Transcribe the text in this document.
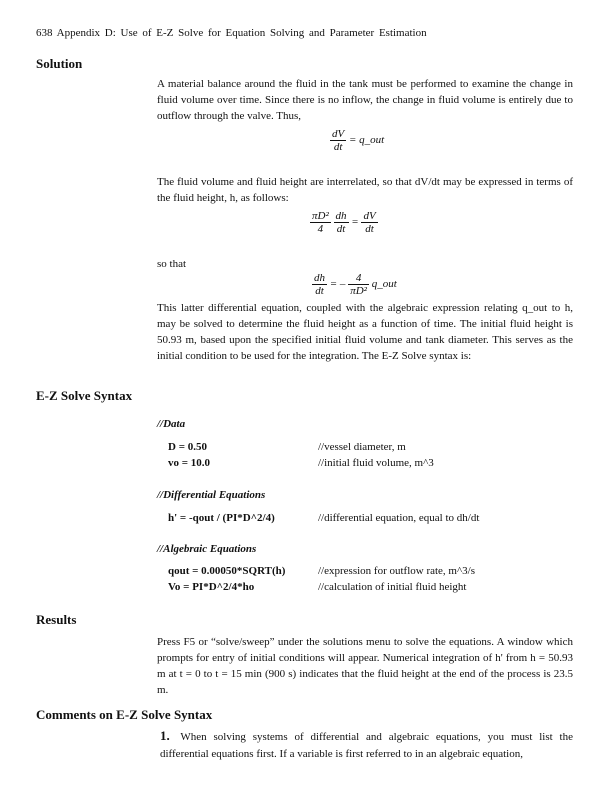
638 Appendix D: Use of E-Z Solve for Equation Solving and Parameter Estimation
Solution
A material balance around the fluid in the tank must be performed to examine the change in fluid volume over time. Since there is no inflow, the change in fluid volume is entirely due to outflow through the valve. Thus,
$\frac{dV}{dt}$ = q_out
The fluid volume and fluid height are interrelated, so that dV/dt may be expressed in terms of the fluid height, h, as follows:
$\frac{\text{πD²}}{4}$
$\frac{dh}{dt} = \frac{dV}{dt}$
so that
$\frac{dh}{dt}$ = – $\frac{4}{\text{πD²}}$ q_out
This latter differential equation, coupled with the algebraic expression relating q_out to h, may be solved to determine the fluid height as a function of time. The initial fluid height is 50.93 m, based upon the specified initial fluid volume and tank diameter. This serves as the initial condition to be used for the integration. The E-Z Solve syntax is:
E-Z Solve Syntax
//Data
D = 0.50	//vessel diameter, m
vo = 10.0	//initial fluid volume, m^3
//Differential Equations
h' = -qout / (PI*D^2/4)	//differential equation, equal to dh/dt
//Algebraic Equations
qout = 0.00050*SQRT(h)	//expression for outflow rate, m^3/s
Vo = PI*D^2/4*ho	//calculation of initial fluid height
Results
Press F5 or “solve/sweep” under the solutions menu to solve the equations. A window which prompts for entry of initial conditions will appear. Numerical integration of h' from h = 50.93 m at t = 0 to t = 15 min (900 s) indicates that the fluid height at the end of the process is 23.5 m.
Comments on E-Z Solve Syntax
1. When solving systems of differential and algebraic equations, you must list the differential equations first. If a variable is first referred to in an algebraic equation,
